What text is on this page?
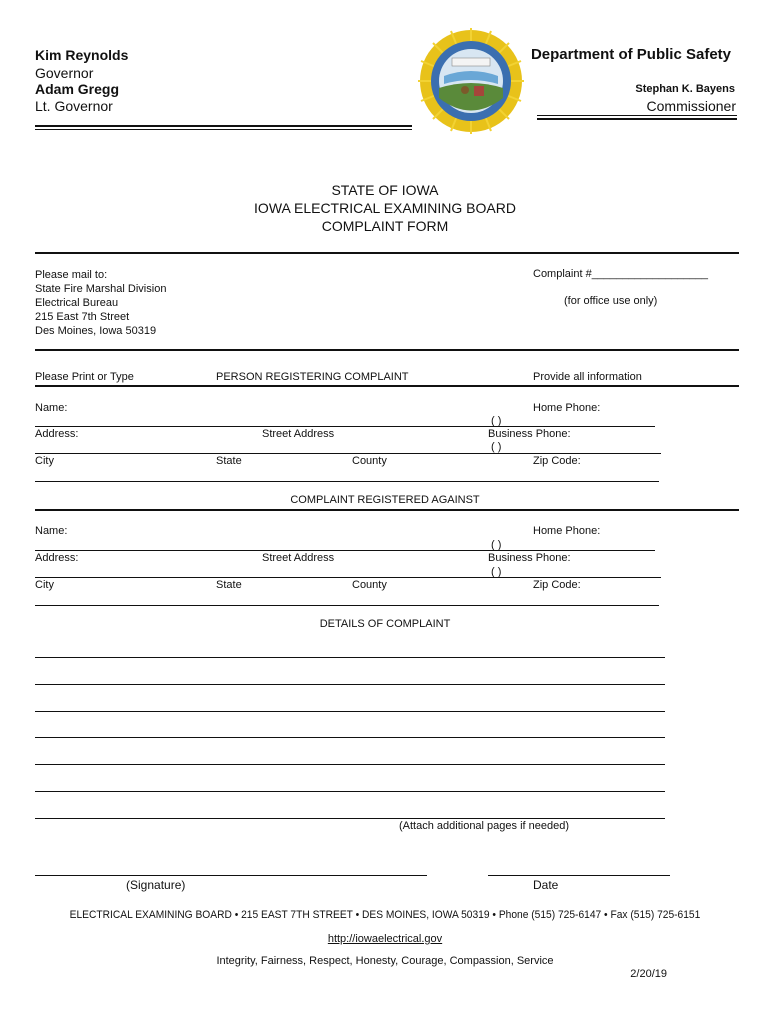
Kim Reynolds
Governor
Adam Gregg
Lt. Governor
Department of Public Safety
Stephan K. Bayens
Commissioner
STATE OF IOWA
IOWA ELECTRICAL EXAMINING BOARD
COMPLAINT FORM
Please mail to:
State Fire Marshal Division
Electrical Bureau
215 East 7th Street
Des Moines, Iowa 50319
Complaint #___________________
(for office use only)
Please Print or Type	PERSON REGISTERING COMPLAINT	Provide all information
Name:	Home Phone:
( )
Address:	Street Address	Business Phone:
( )
City	State	County	Zip Code:
COMPLAINT REGISTERED AGAINST
Name:	Home Phone:
( )
Address:	Street Address	Business Phone:
( )
City	State	County	Zip Code:
DETAILS OF COMPLAINT
(Attach additional pages if needed)
(Signature)	Date
ELECTRICAL EXAMINING BOARD • 215 EAST 7TH STREET • DES MOINES, IOWA 50319 • Phone (515) 725-6147 • Fax (515) 725-6151
http://iowaelectrical.gov
Integrity, Fairness, Respect, Honesty, Courage, Compassion, Service
2/20/19
